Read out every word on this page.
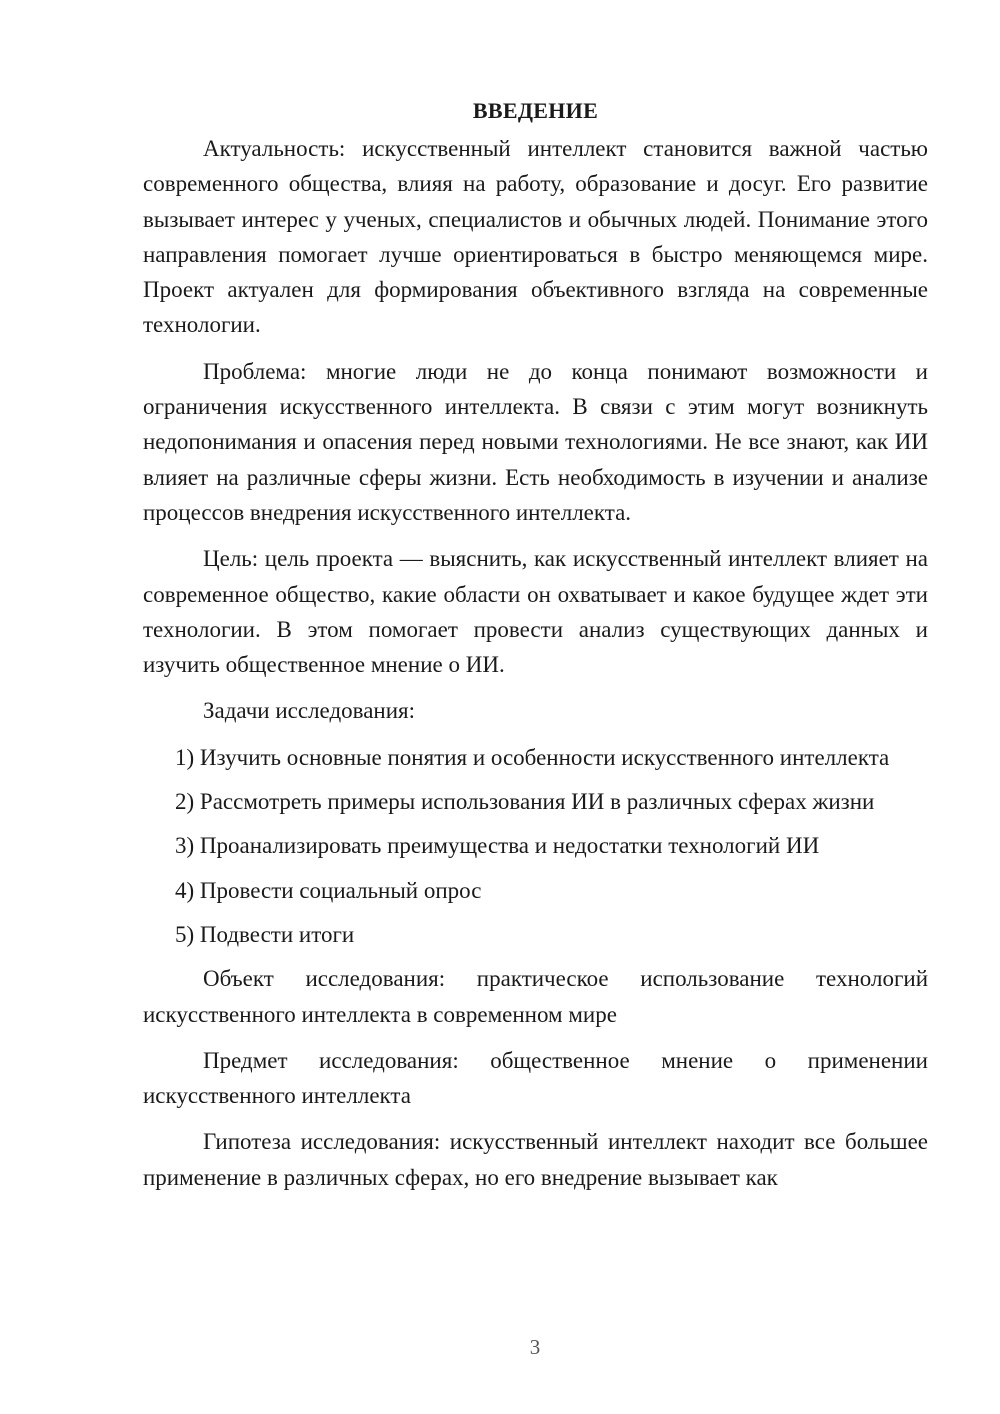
ВВЕДЕНИЕ

Актуальность: искусственный интеллект становится важной частью современного общества, влияя на работу, образование и досуг. Его развитие вызывает интерес у ученых, специалистов и обычных людей. Понимание этого направления помогает лучше ориентироваться в быстро меняющемся мире. Проект актуален для формирования объективного взгляда на современные технологии.

Проблема: многие люди не до конца понимают возможности и ограничения искусственного интеллекта. В связи с этим могут возникнуть недопонимания и опасения перед новыми технологиями. Не все знают, как ИИ влияет на различные сферы жизни. Есть необходимость в изучении и анализе процессов внедрения искусственного интеллекта.

Цель: цель проекта — выяснить, как искусственный интеллект влияет на современное общество, какие области он охватывает и какое будущее ждет эти технологии. В этом помогает провести анализ существующих данных и изучить общественное мнение о ИИ.

Задачи исследования:

1) Изучить основные понятия и особенности искусственного интеллекта

2) Рассмотреть примеры использования ИИ в различных сферах жизни

3) Проанализировать преимущества и недостатки технологий ИИ

4) Провести социальный опрос

5) Подвести итоги

Объект исследования: практическое использование технологий искусственного интеллекта в современном мире

Предмет исследования: общественное мнение о применении искусственного интеллекта

Гипотеза исследования: искусственный интеллект находит все большее применение в различных сферах, но его внедрение вызывает как

3
